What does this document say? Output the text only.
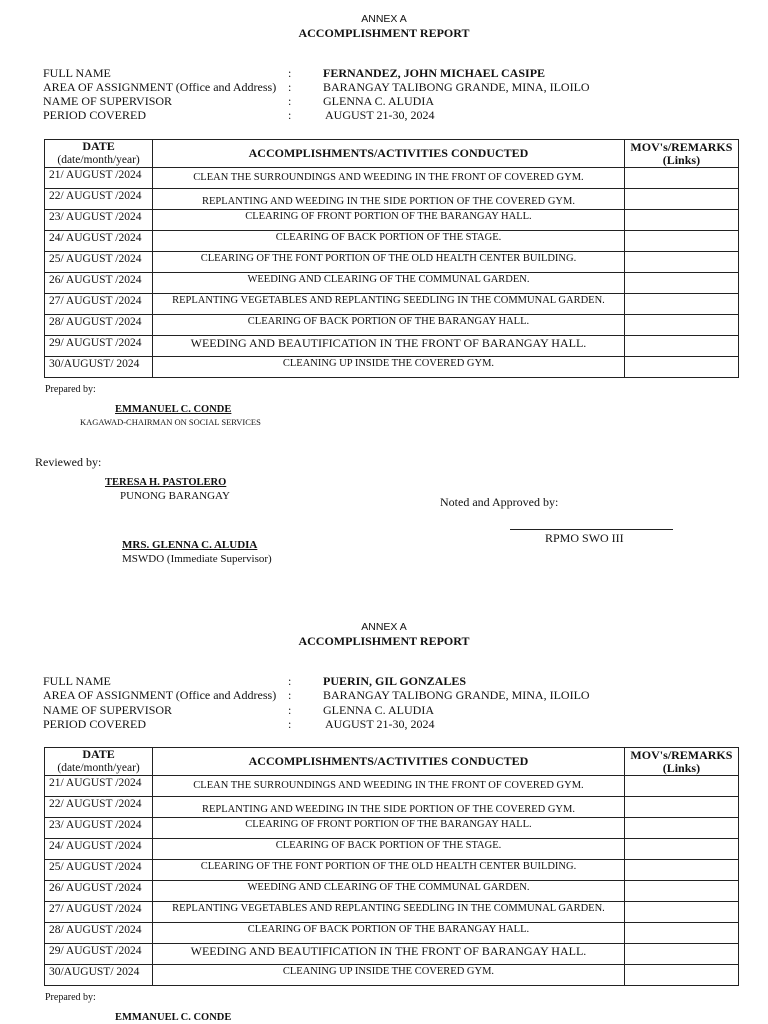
ANNEX A
ACCOMPLISHMENT REPORT
FULL NAME	:	FERNANDEZ, JOHN MICHAEL CASIPE
AREA OF ASSIGNMENT (Office and Address) :	BARANGAY TALIBONG GRANDE, MINA, ILOILO
NAME OF SUPERVISOR	:	GLENNA C. ALUDIA
PERIOD COVERED	:	AUGUST 21-30, 2024
DATE
(date/month/year)	ACCOMPLISHMENTS/ACTIVITIES CONDUCTED	MOV's/REMARKS
(Links)
21/ AUGUST /2024	CLEAN THE SURROUNDINGS AND WEEDING IN THE FRONT OF COVERED GYM.	
22/ AUGUST /2024	REPLANTING AND WEEDING IN THE SIDE PORTION OF THE COVERED GYM.	
23/ AUGUST /2024	CLEARING OF FRONT PORTION OF THE BARANGAY HALL.	
24/ AUGUST /2024	CLEARING OF BACK PORTION OF THE STAGE.	
25/ AUGUST /2024	CLEARING OF THE FONT PORTION OF THE OLD HEALTH CENTER BUILDING.	
26/ AUGUST /2024	WEEDING AND CLEARING OF THE COMMUNAL GARDEN.	
27/ AUGUST /2024	REPLANTING VEGETABLES AND REPLANTING SEEDLING IN THE COMMUNAL GARDEN.	
28/ AUGUST /2024	CLEARING OF BACK PORTION OF THE BARANGAY HALL.	
29/ AUGUST /2024	WEEDING AND BEAUTIFICATION IN THE FRONT OF BARANGAY HALL.	
30/AUGUST/ 2024	CLEANING UP INSIDE THE COVERED GYM.	
Prepared by:
EMMANUEL C. CONDE
KAGAWAD-CHAIRMAN ON SOCIAL SERVICES
Reviewed by:
TERESA H. PASTOLERO
PUNONG BARANGAY	Noted and Approved by:
RPMO SWO III
MRS. GLENNA C. ALUDIA
MSWDO (Immediate Supervisor)
ANNEX A
ACCOMPLISHMENT REPORT
FULL NAME	:	PUERIN, GIL GONZALES
AREA OF ASSIGNMENT (Office and Address) :	BARANGAY TALIBONG GRANDE, MINA, ILOILO
NAME OF SUPERVISOR	:	GLENNA C. ALUDIA
PERIOD COVERED	:	AUGUST 21-30, 2024
DATE
(date/month/year)	ACCOMPLISHMENTS/ACTIVITIES CONDUCTED	MOV's/REMARKS
(Links)
21/ AUGUST /2024	CLEAN THE SURROUNDINGS AND WEEDING IN THE FRONT OF COVERED GYM.	
22/ AUGUST /2024	REPLANTING AND WEEDING IN THE SIDE PORTION OF THE COVERED GYM.	
23/ AUGUST /2024	CLEARING OF FRONT PORTION OF THE BARANGAY HALL.	
24/ AUGUST /2024	CLEARING OF BACK PORTION OF THE STAGE.	
25/ AUGUST /2024	CLEARING OF THE FONT PORTION OF THE OLD HEALTH CENTER BUILDING.	
26/ AUGUST /2024	WEEDING AND CLEARING OF THE COMMUNAL GARDEN.	
27/ AUGUST /2024	REPLANTING VEGETABLES AND REPLANTING SEEDLING IN THE COMMUNAL GARDEN.	
28/ AUGUST /2024	CLEARING OF BACK PORTION OF THE BARANGAY HALL.	
29/ AUGUST /2024	WEEDING AND BEAUTIFICATION IN THE FRONT OF BARANGAY HALL.	
30/AUGUST/ 2024	CLEANING UP INSIDE THE COVERED GYM.	
Prepared by:
EMMANUEL C. CONDE
